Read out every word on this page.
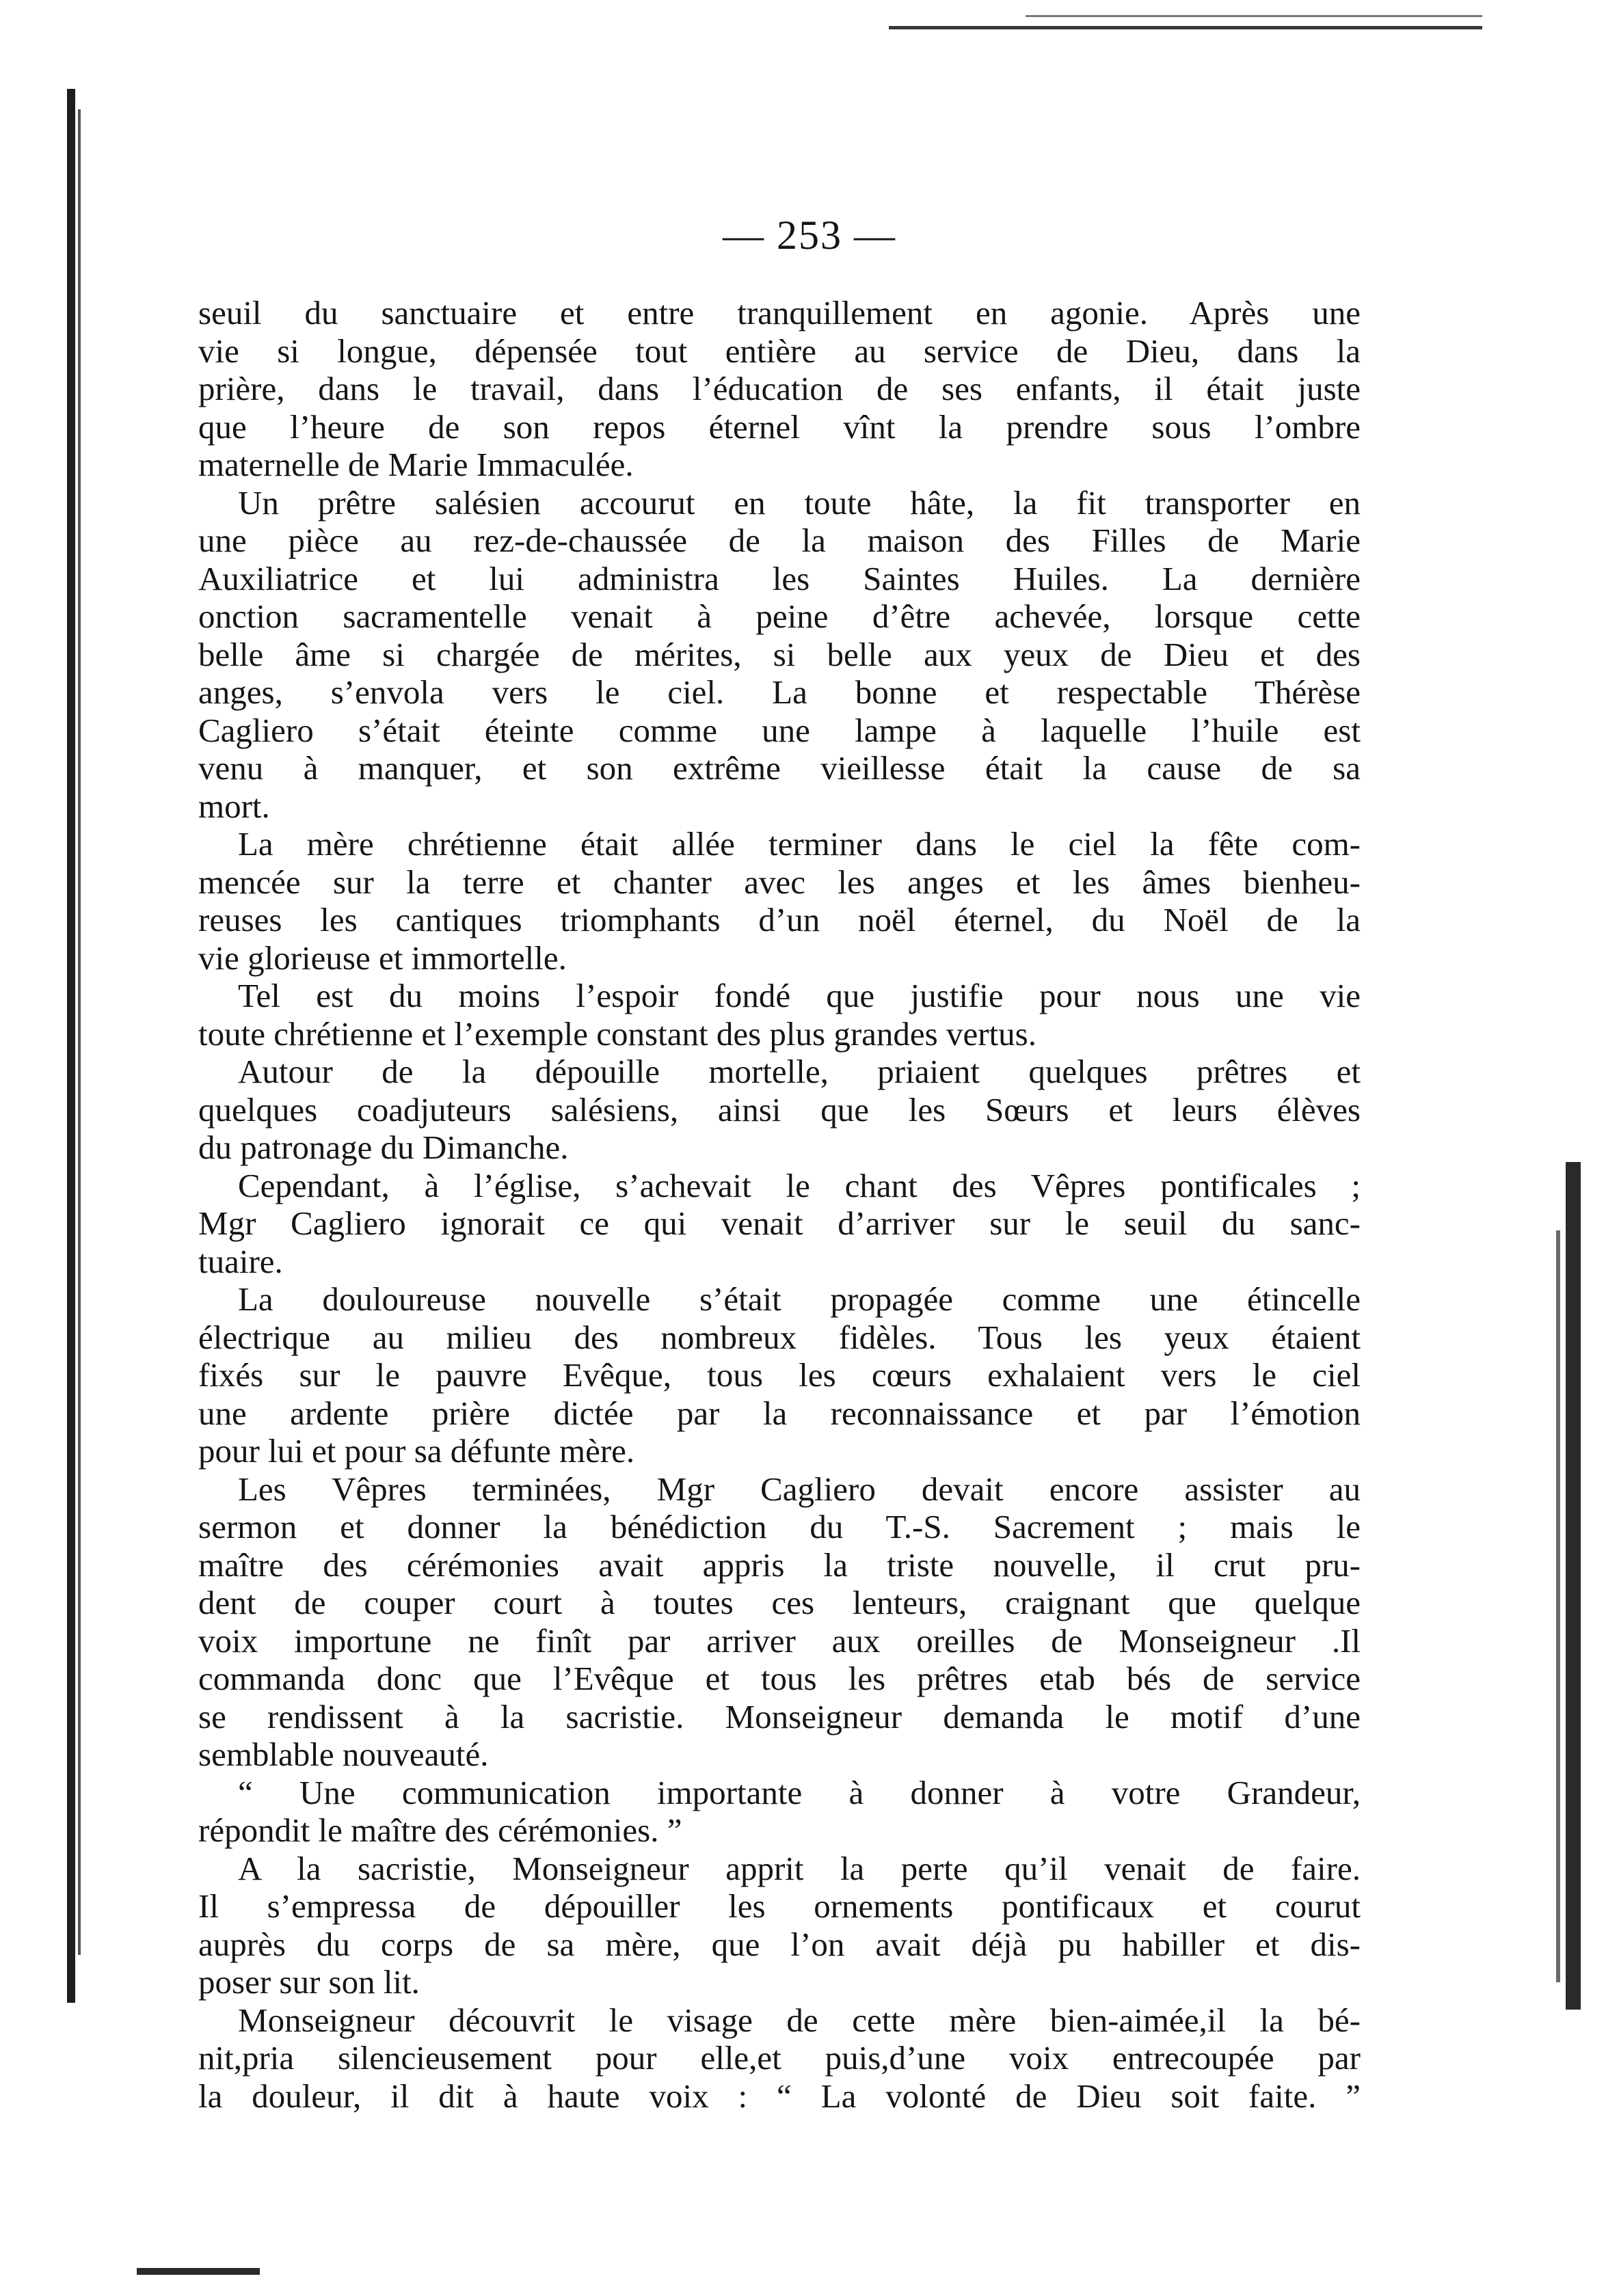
— 253 —

seuil du sanctuaire et entre tranquillement en agonie. Après une
vie si longue, dépensée tout entière au service de Dieu, dans la
prière, dans le travail, dans l’éducation de ses enfants, il était juste
que l’heure de son repos éternel vînt la prendre sous l’ombre
maternelle de Marie Immaculée.

Un prêtre salésien accourut en toute hâte, la fit transporter en
une pièce au rez-de-chaussée de la maison des Filles de Marie
Auxiliatrice et lui administra les Saintes Huiles. La dernière
onction sacramentelle venait à peine d’être achevée, lorsque cette
belle âme si chargée de mérites, si belle aux yeux de Dieu et des
anges, s’envola vers le ciel. La bonne et respectable Thérèse
Cagliero s’était éteinte comme une lampe à laquelle l’huile est
venu à manquer, et son extrême vieillesse était la cause de sa
mort.

La mère chrétienne était allée terminer dans le ciel la fête com-
mencée sur la terre et chanter avec les anges et les âmes bienheu-
reuses les cantiques triomphants d’un noël éternel, du Noël de la
vie glorieuse et immortelle.

Tel est du moins l’espoir fondé que justifie pour nous une vie
toute chrétienne et l’exemple constant des plus grandes vertus.

Autour de la dépouille mortelle, priaient quelques prêtres et
quelques coadjuteurs salésiens, ainsi que les Sœurs et leurs élèves
du patronage du Dimanche.

Cependant, à l’église, s’achevait le chant des Vêpres pontificales ;
Mgr Cagliero ignorait ce qui venait d’arriver sur le seuil du sanc-
tuaire.

La douloureuse nouvelle s’était propagée comme une étincelle
électrique au milieu des nombreux fidèles. Tous les yeux étaient
fixés sur le pauvre Evêque, tous les cœurs exhalaient vers le ciel
une ardente prière dictée par la reconnaissance et par l’émotion
pour lui et pour sa défunte mère.

Les Vêpres terminées, Mgr Cagliero devait encore assister au
sermon et donner la bénédiction du T.-S. Sacrement ; mais le
maître des cérémonies avait appris la triste nouvelle, il crut pru-
dent de couper court à toutes ces lenteurs, craignant que quelque
voix importune ne finît par arriver aux oreilles de Monseigneur .Il
commanda donc que l’Evêque et tous les prêtres etab bés de service
se rendissent à la sacristie. Monseigneur demanda le motif d’une
semblable nouveauté.

“ Une communication importante à donner à votre Grandeur,
répondit le maître des cérémonies. ”

A la sacristie, Monseigneur apprit la perte qu’il venait de faire.
Il s’empressa de dépouiller les ornements pontificaux et courut
auprès du corps de sa mère, que l’on avait déjà pu habiller et dis-
poser sur son lit.

Monseigneur découvrit le visage de cette mère bien-aimée,il la bé-
nit,pria silencieusement pour elle,et puis,d’une voix entrecoupée par
la douleur, il dit à haute voix : “ La volonté de Dieu soit faite. ”
